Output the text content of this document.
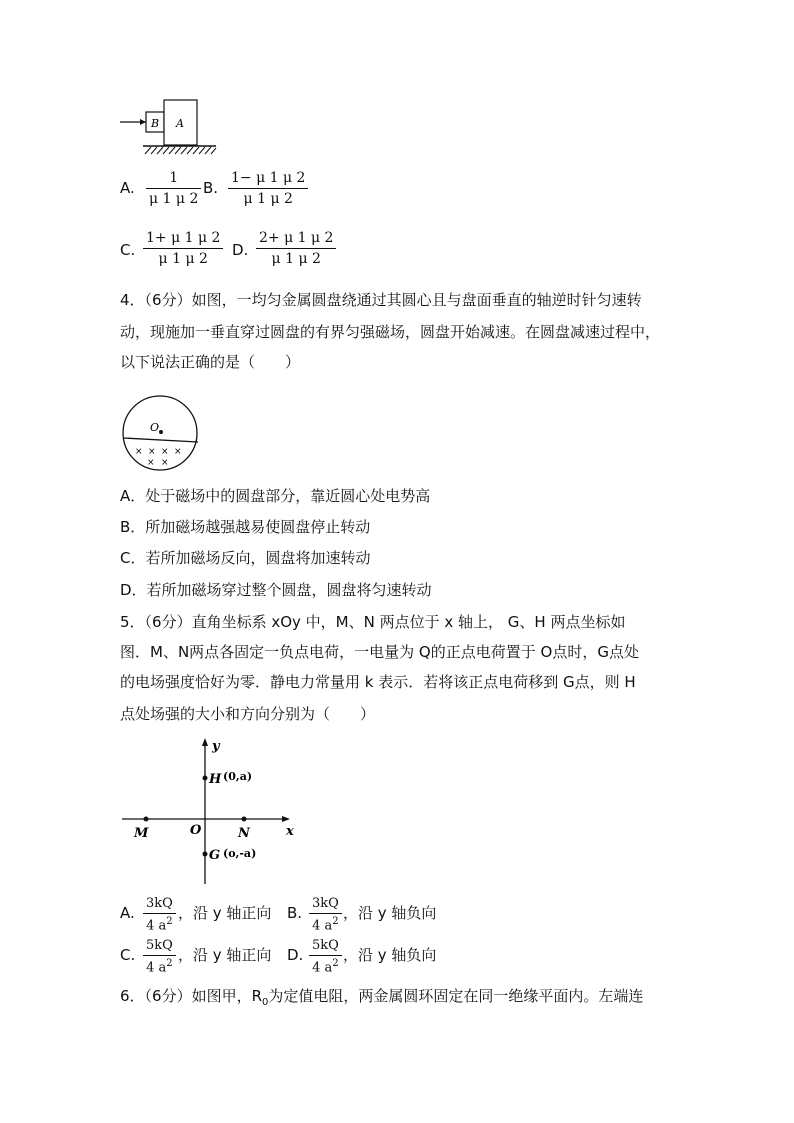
B A
A.
1
μ 1 μ 2
B.
1− μ 1 μ 2
μ 1 μ 2
C.
1+ μ 1 μ 2
μ 1 μ 2	D.
2+ μ 1 μ 2
μ 1 μ 2
4．（6分）如图，一均匀金属圆盘绕通过其圆心且与盘面垂直的轴逆时针匀速转
动，现施加一垂直穿过圆盘的有界匀强磁场，圆盘开始减速。在圆盘减速过程中，
以下说法正确的是（　　）
O
× × × ×
× ×
A．处于磁场中的圆盘部分，靠近圆心处电势高
B．所加磁场越强越易使圆盘停止转动
C．若所加磁场反向，圆盘将加速转动
D．若所加磁场穿过整个圆盘，圆盘将匀速转动
5．（6分）直角坐标系 xOy 中，M、N 两点位于 x 轴上， G、H 两点坐标如
图．M、N两点各固定一负点电荷，一电量为 Q的正点电荷置于 O点时，G点处
的电场强度恰好为零．静电力常量用 k 表示．若将该正点电荷移到 G点，则 H
点处场强的大小和方向分别为（　　）
y
x
O
M	N
H (0,a)
G (o,-a)
A.
3kQ
4 $a^2$ ，沿 y 轴正向 B.
3kQ
4 $a^2$ ，沿 y 轴负向
C.
5kQ
4 $a^2$ ，沿 y 轴正向 D.
5kQ
4 $a^2$ ，沿 y 轴负向
6．（6分）如图甲，$R_0$为定值电阻，两金属圆环固定在同一绝缘平面内。左端连
